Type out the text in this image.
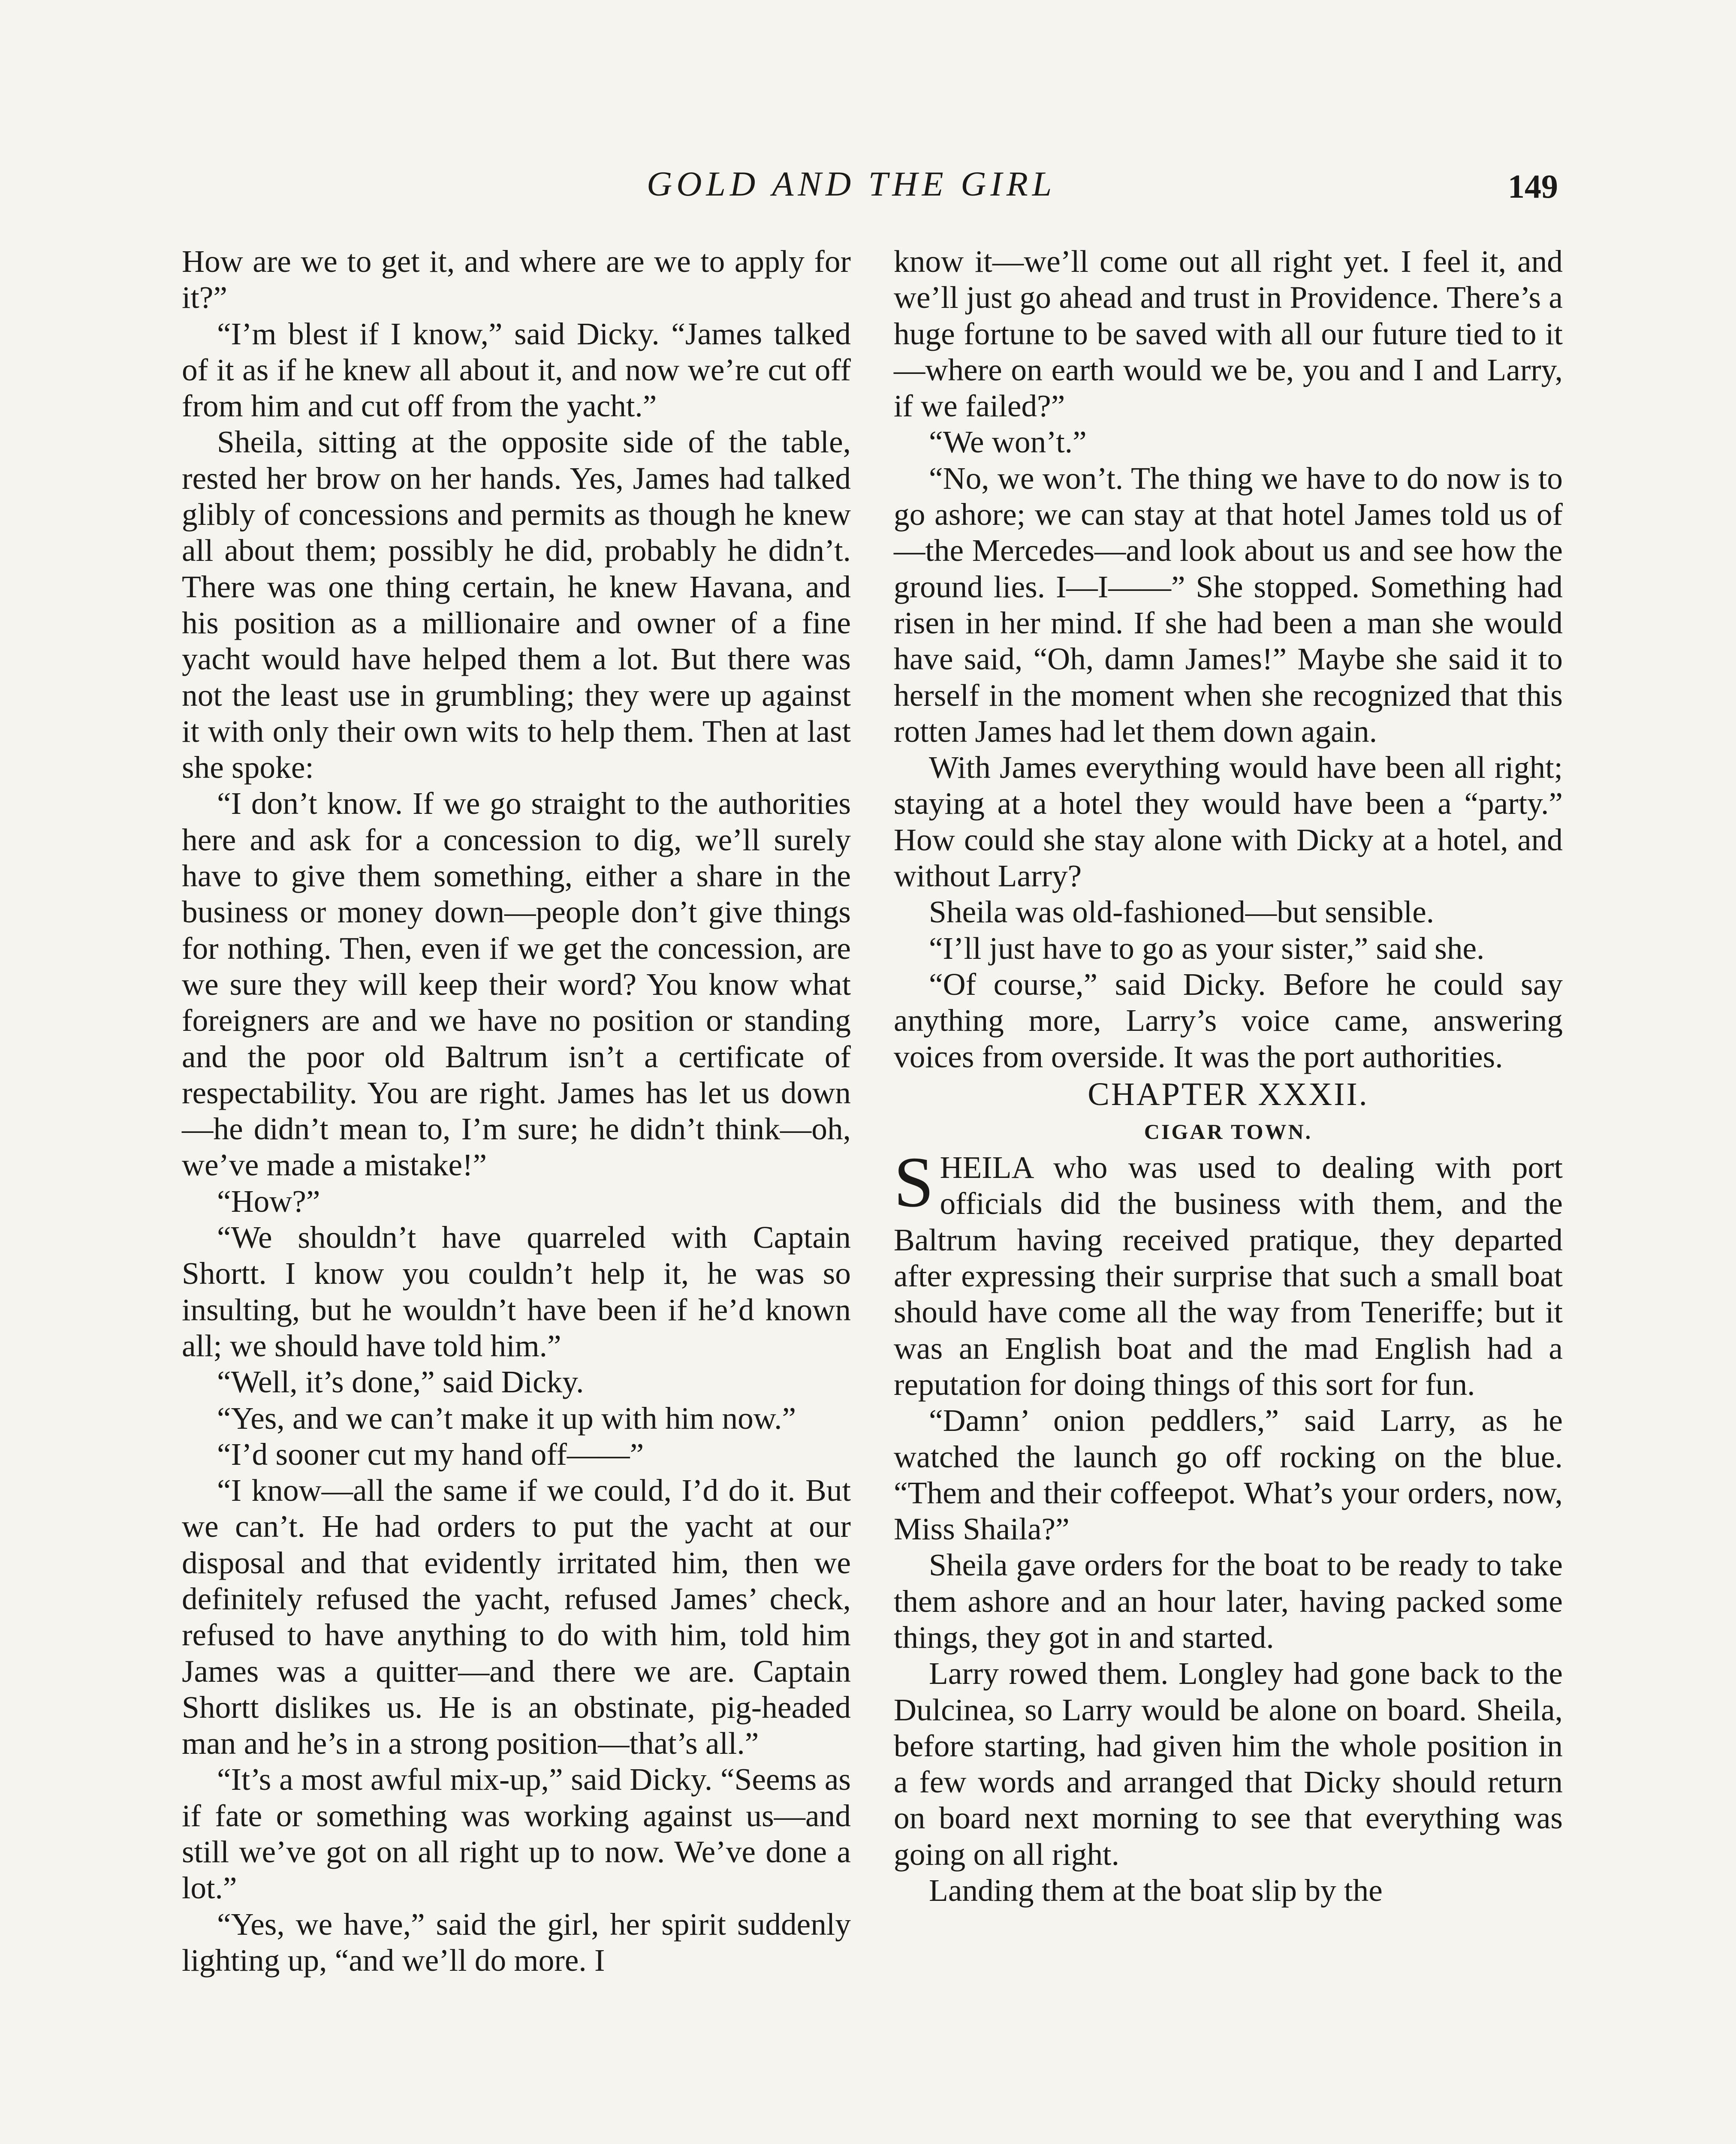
GOLD AND THE GIRL	149

How are we to get it, and where are we to apply for it?”

“I’m blest if I know,” said Dicky. “James talked of it as if he knew all about it, and now we’re cut off from him and cut off from the yacht.”

Sheila, sitting at the opposite side of the table, rested her brow on her hands. Yes, James had talked glibly of concessions and permits as though he knew all about them; possibly he did, probably he didn’t. There was one thing certain, he knew Havana, and his position as a millionaire and owner of a fine yacht would have helped them a lot. But there was not the least use in grumbling; they were up against it with only their own wits to help them. Then at last she spoke:

“I don’t know. If we go straight to the authorities here and ask for a concession to dig, we’ll surely have to give them something, either a share in the business or money down—people don’t give things for nothing. Then, even if we get the concession, are we sure they will keep their word? You know what foreigners are and we have no position or standing and the poor old Baltrum isn’t a certificate of respectability. You are right. James has let us down—he didn’t mean to, I’m sure; he didn’t think—oh, we’ve made a mistake!”

“How?”

“We shouldn’t have quarreled with Captain Shortt. I know you couldn’t help it, he was so insulting, but he wouldn’t have been if he’d known all; we should have told him.”

“Well, it’s done,” said Dicky.

“Yes, and we can’t make it up with him now.”

“I’d sooner cut my hand off——”

“I know—all the same if we could, I’d do it. But we can’t. He had orders to put the yacht at our disposal and that evidently irritated him, then we definitely refused the yacht, refused James’ check, refused to have anything to do with him, told him James was a quitter—and there we are. Captain Shortt dislikes us. He is an obstinate, pig-headed man and he’s in a strong position—that’s all.”

“It’s a most awful mix-up,” said Dicky. “Seems as if fate or something was working against us—and still we’ve got on all right up to now. We’ve done a lot.”

“Yes, we have,” said the girl, her spirit suddenly lighting up, “and we’ll do more. I

know it—we’ll come out all right yet. I feel it, and we’ll just go ahead and trust in Providence. There’s a huge fortune to be saved with all our future tied to it—where on earth would we be, you and I and Larry, if we failed?”

“We won’t.”

“No, we won’t. The thing we have to do now is to go ashore; we can stay at that hotel James told us of—the Mercedes—and look about us and see how the ground lies. I—I——” She stopped. Something had risen in her mind. If she had been a man she would have said, “Oh, damn James!” Maybe she said it to herself in the moment when she recognized that this rotten James had let them down again.

With James everything would have been all right; staying at a hotel they would have been a “party.” How could she stay alone with Dicky at a hotel, and without Larry?

Sheila was old-fashioned—but sensible.

“I’ll just have to go as your sister,” said she.

“Of course,” said Dicky. Before he could say anything more, Larry’s voice came, answering voices from overside. It was the port authorities.

CHAPTER XXXII.

CIGAR TOWN.

SHEILA who was used to dealing with port officials did the business with them, and the Baltrum having received pratique, they departed after expressing their surprise that such a small boat should have come all the way from Teneriffe; but it was an English boat and the mad English had a reputation for doing things of this sort for fun.

“Damn’ onion peddlers,” said Larry, as he watched the launch go off rocking on the blue. “Them and their coffeepot. What’s your orders, now, Miss Shaila?”

Sheila gave orders for the boat to be ready to take them ashore and an hour later, having packed some things, they got in and started.

Larry rowed them. Longley had gone back to the Dulcinea, so Larry would be alone on board. Sheila, before starting, had given him the whole position in a few words and arranged that Dicky should return on board next morning to see that everything was going on all right.

Landing them at the boat slip by the
